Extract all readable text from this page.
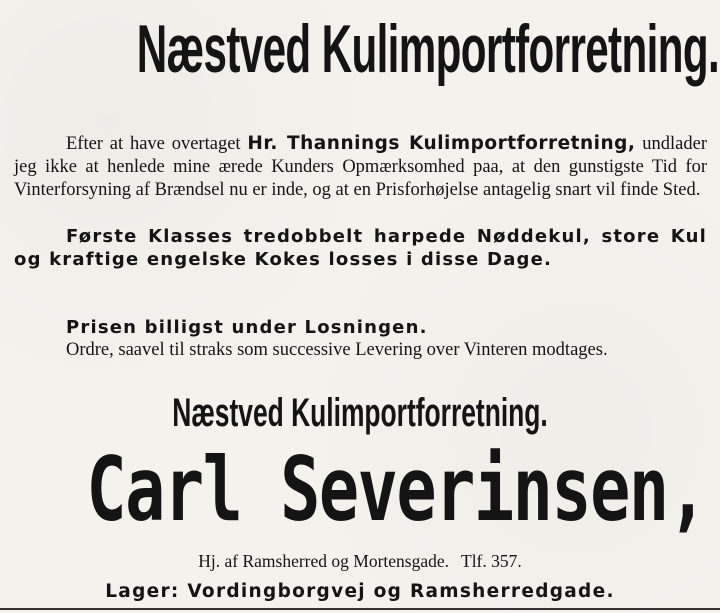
Næstved Kulimportforretning.
Efter at have overtaget Hr. Thannings Kulimportforretning, undlader jeg ikke at henlede mine ærede Kunders Opmærksomhed paa, at den gunstigste Tid for Vinterforsyning af Brændsel nu er inde, og at en Prisforhøjelse antagelig snart vil finde Sted.
Første Klasses tredobbelt harpede Nøddekul, store Kul og kraftige engelske Kokes losses i disse Dage.
Prisen billigst under Losningen.
Ordre, saavel til straks som successive Levering over Vinteren modtages.
Næstved Kulimportforretning.
Carl Severinsen,
Hj. af Ramsherred og Mortensgade. Tlf. 357.
Lager: Vordingborgvej og Ramsherredgade.
